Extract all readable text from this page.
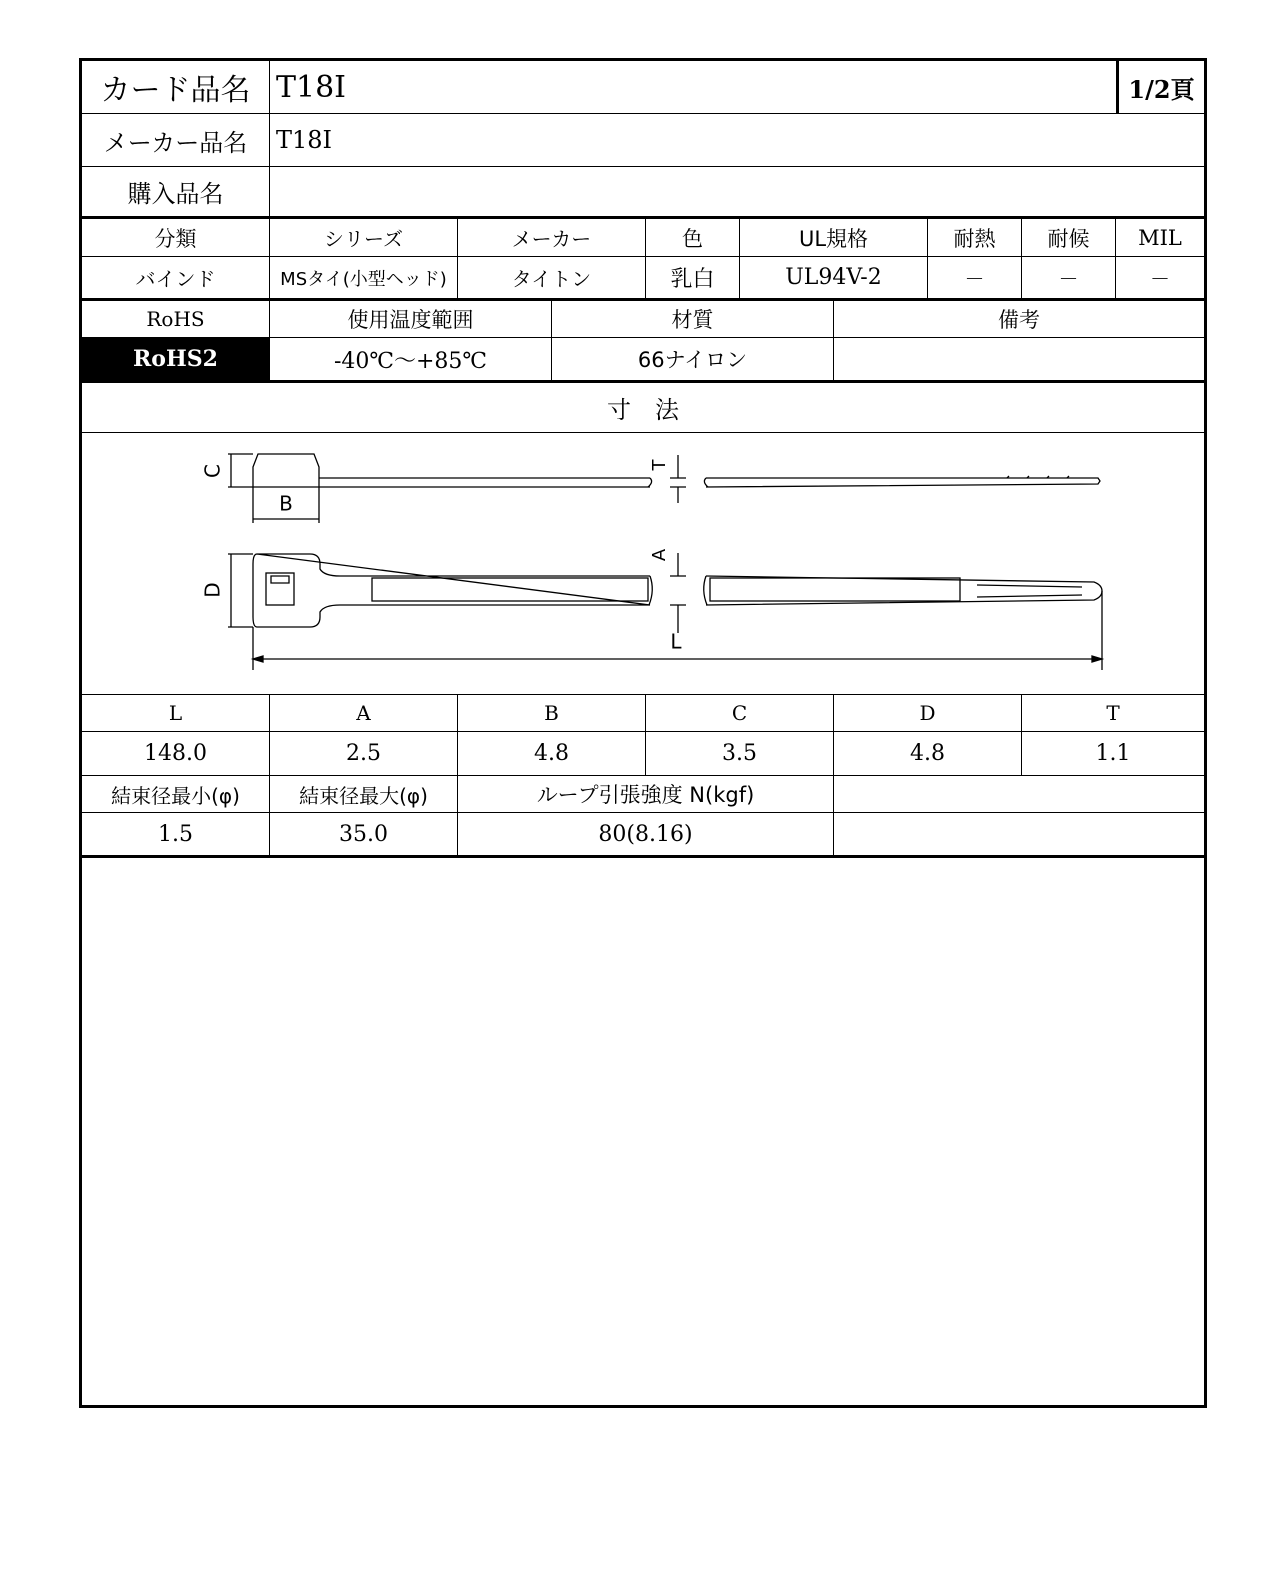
カード品名 T18I	1/2頁
メーカー品名	T18I
購入品名
分類	シリーズ	メーカー	色	UL規格	耐熱	耐候	MIL
バインド	MSタイ(小型ヘッド)	タイトン	乳白	UL94V-2	－	－	－
RoHS	使用温度範囲	材質	備考
RoHS2	-40℃～+85℃	66ナイロン
寸　法
C
B
T
D
A
L
L	A	B	C	D	T
148.0	2.5	4.8	3.5	4.8	1.1
結束径最小(φ)	結束径最大(φ)	ループ引張強度 N(kgf)
1.5	35.0	80(8.16)
